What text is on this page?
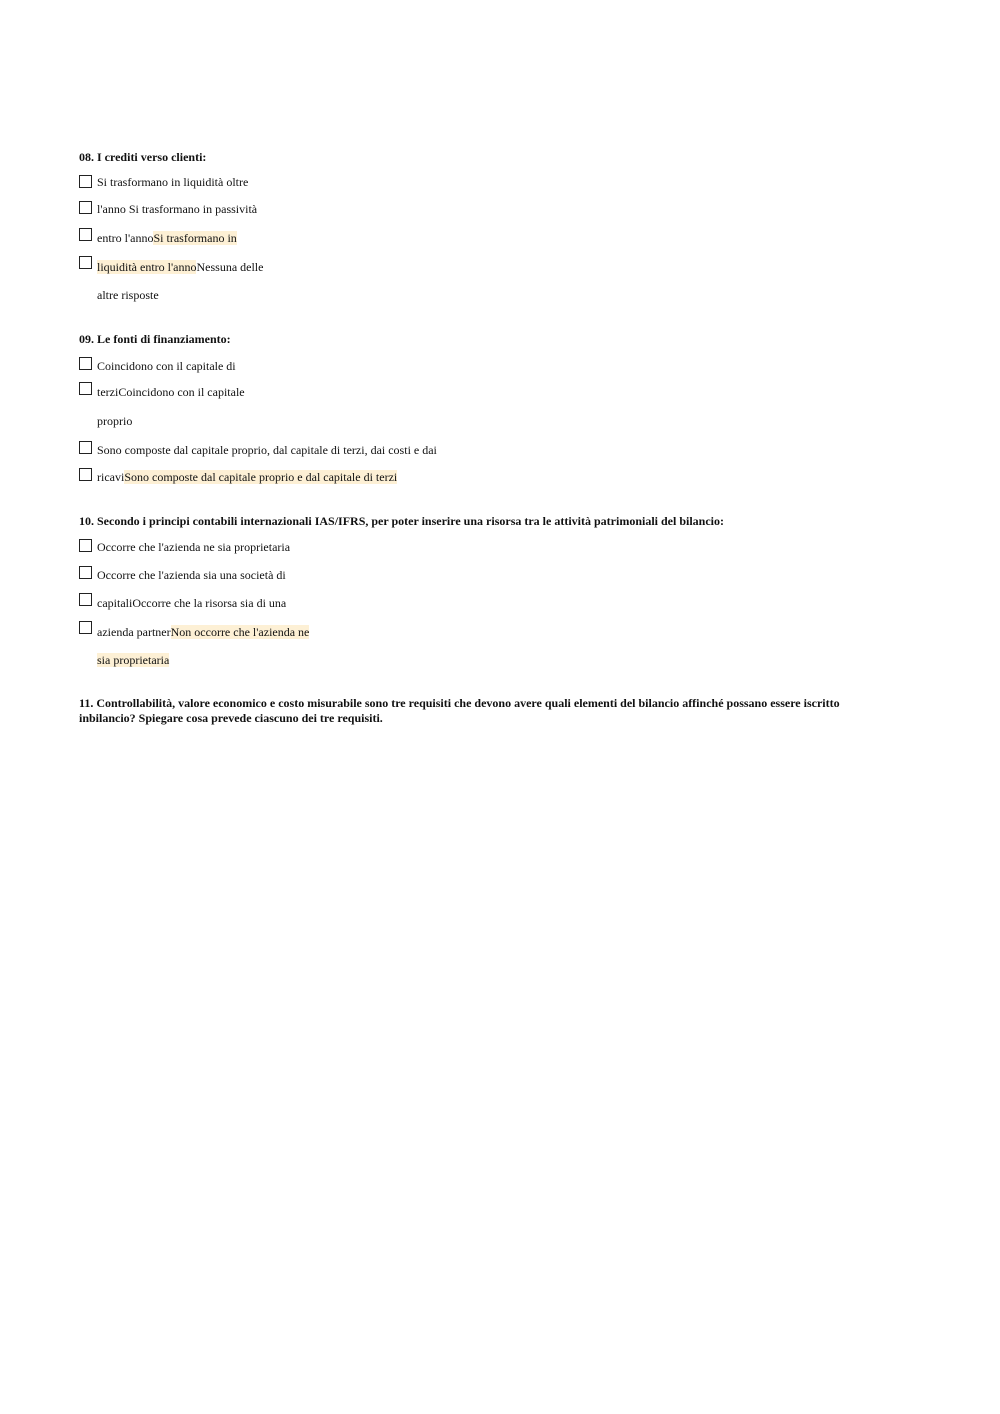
08. I crediti verso clienti:
Si trasformano in liquidità oltre
l'anno Si trasformano in passività
entro l'annoSi trasformano in
liquidità entro l'annoNessuna delle
altre risposte
09. Le fonti di finanziamento:
Coincidono con il capitale di
terziCoincidono con il capitale
proprio
Sono composte dal capitale proprio, dal capitale di terzi, dai costi e dai
ricaviSono composte dal capitale proprio e dal capitale di terzi
10. Secondo i principi contabili internazionali IAS/IFRS, per poter inserire una risorsa tra le attività patrimoniali del bilancio:
Occorre che l'azienda ne sia proprietaria
Occorre che l'azienda sia una società di
capitaliOccorre che la risorsa sia di una
azienda partnerNon occorre che l'azienda ne
sia proprietaria
11. Controllabilità, valore economico e costo misurabile sono tre requisiti che devono avere quali elementi del bilancio affinché possano essere iscritto inbilancio? Spiegare cosa prevede ciascuno dei tre requisiti.
